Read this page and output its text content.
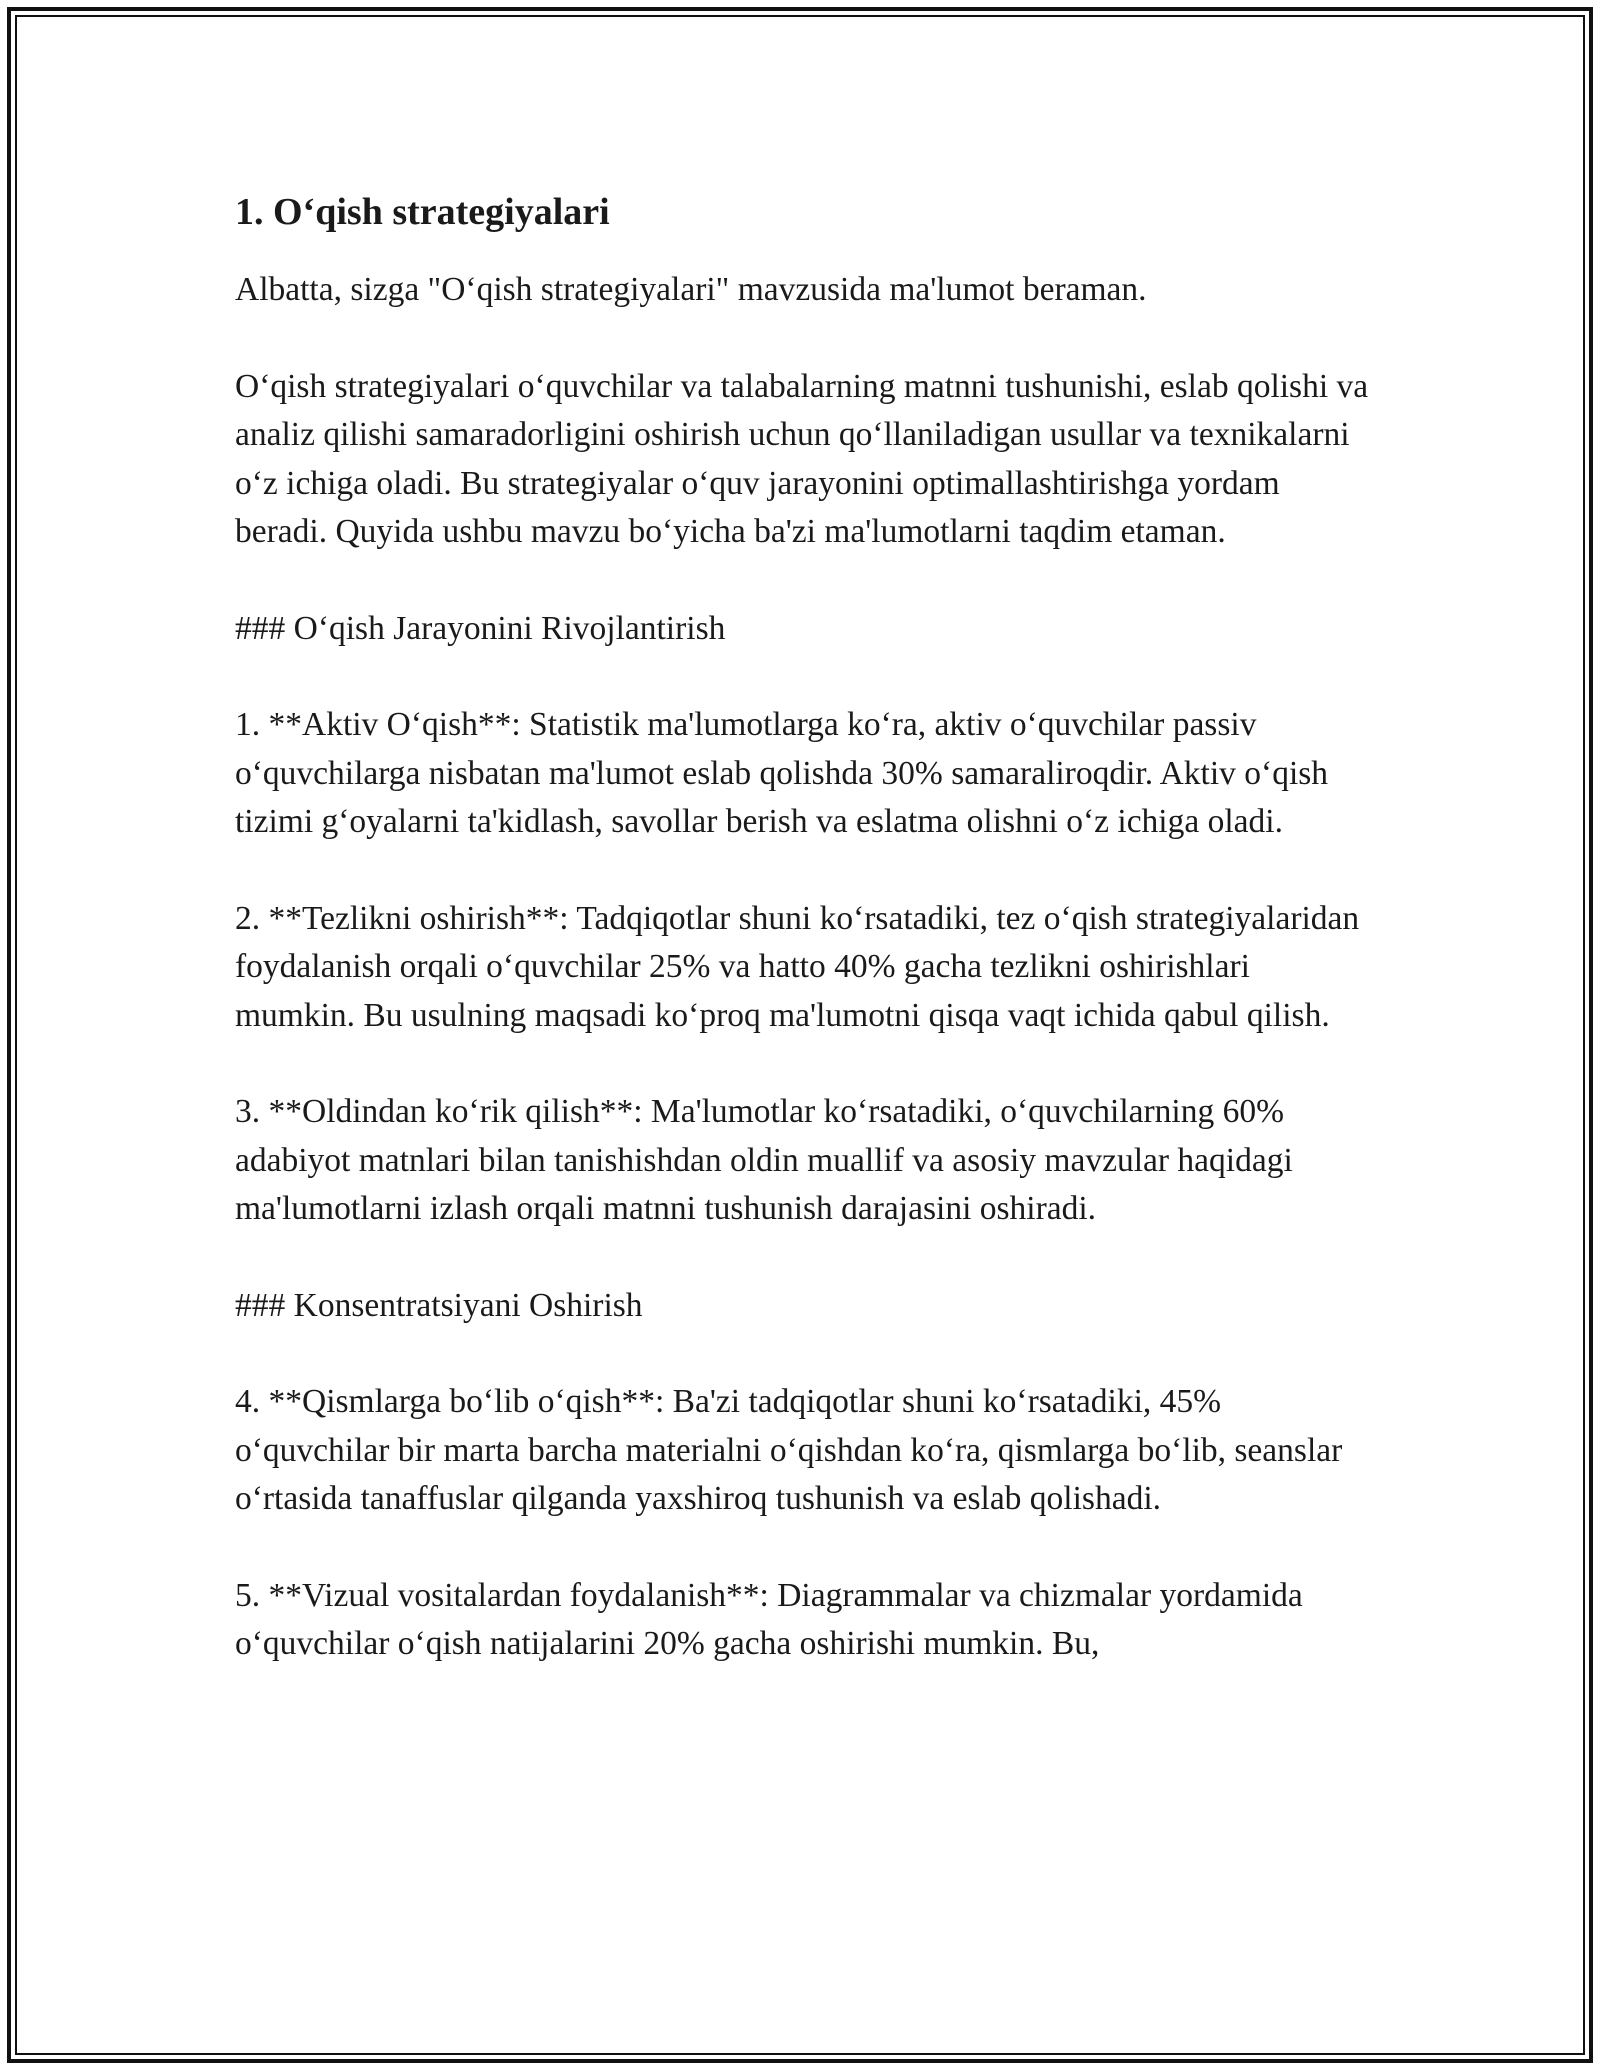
1. O‘qish strategiyalari

Albatta, sizga "O‘qish strategiyalari" mavzusida ma'lumot beraman.

O‘qish strategiyalari o‘quvchilar va talabalarning matnni tushunishi, eslab qolishi va analiz qilishi samaradorligini oshirish uchun qo‘llaniladigan usullar va texnikalarni o‘z ichiga oladi. Bu strategiyalar o‘quv jarayonini optimallashtirishga yordam beradi. Quyida ushbu mavzu bo‘yicha ba'zi ma'lumotlarni taqdim etaman.

### O‘qish Jarayonini Rivojlantirish

1. **Aktiv O‘qish**: Statistik ma'lumotlarga ko‘ra, aktiv o‘quvchilar passiv o‘quvchilarga nisbatan ma'lumot eslab qolishda 30% samaraliroqdir. Aktiv o‘qish tizimi g‘oyalarni ta'kidlash, savollar berish va eslatma olishni o‘z ichiga oladi.

2. **Tezlikni oshirish**: Tadqiqotlar shuni ko‘rsatadiki, tez o‘qish strategiyalaridan foydalanish orqali o‘quvchilar 25% va hatto 40% gacha tezlikni oshirishlari mumkin. Bu usulning maqsadi ko‘proq ma'lumotni qisqa vaqt ichida qabul qilish.

3. **Oldindan ko‘rik qilish**: Ma'lumotlar ko‘rsatadiki, o‘quvchilarning 60% adabiyot matnlari bilan tanishishdan oldin muallif va asosiy mavzular haqidagi ma'lumotlarni izlash orqali matnni tushunish darajasini oshiradi.

### Konsentratsiyani Oshirish

4. **Qismlarga bo‘lib o‘qish**: Ba'zi tadqiqotlar shuni ko‘rsatadiki, 45% o‘quvchilar bir marta barcha materialni o‘qishdan ko‘ra, qismlarga bo‘lib, seanslar o‘rtasida tanaffuslar qilganda yaxshiroq tushunish va eslab qolishadi.

5. **Vizual vositalardan foydalanish**: Diagrammalar va chizmalar yordamida o‘quvchilar o‘qish natijalarini 20% gacha oshirishi mumkin. Bu,
